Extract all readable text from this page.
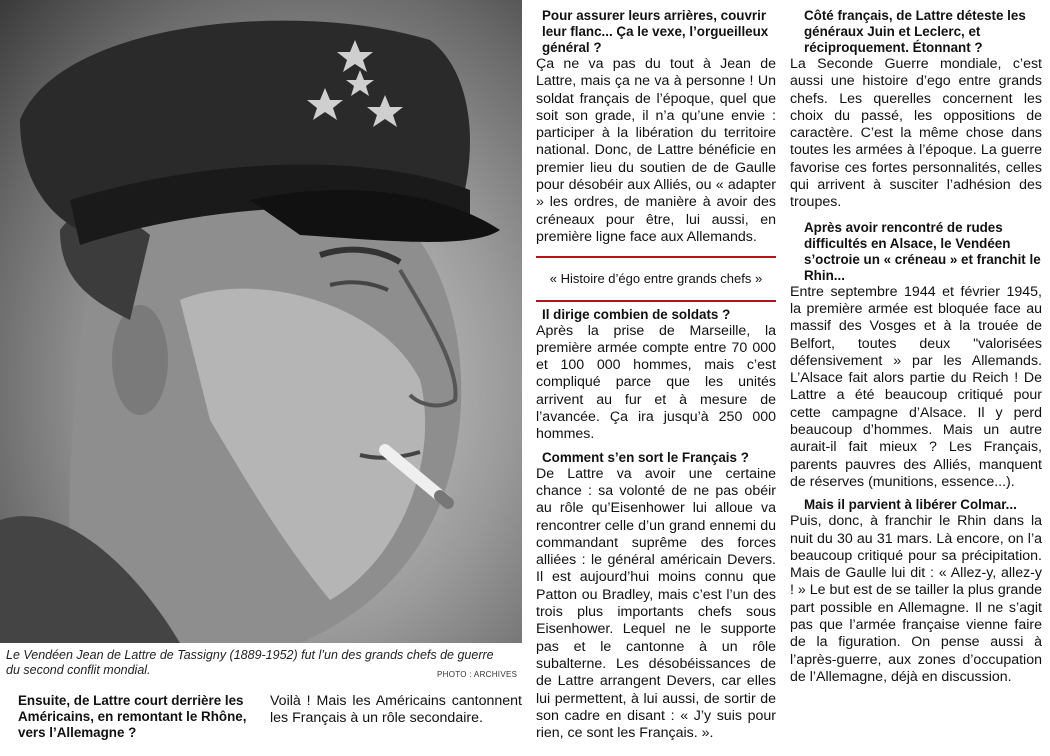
Le Vendéen Jean de Lattre de Tassigny (1889-1952) fut l’un des grands chefs de guerre du second conflit mondial.	PHOTO : ARCHIVES

Ensuite, de Lattre court derrière les Américains, en remontant le Rhône, vers l’Allemagne ?

Voilà ! Mais les Américains cantonnent les Français à un rôle secondaire.

Pour assurer leurs arrières, couvrir leur flanc... Ça le vexe, l’orgueilleux général ?

Ça ne va pas du tout à Jean de Lattre, mais ça ne va à personne ! Un soldat français de l’époque, quel que soit son grade, il n’a qu’une envie : participer à la libération du territoire national. Donc, de Lattre bénéficie en premier lieu du soutien de de Gaulle pour désobéir aux Alliés, ou « adapter » les ordres, de manière à avoir des créneaux pour être, lui aussi, en première ligne face aux Allemands.

« Histoire d’égo entre grands chefs »

Il dirige combien de soldats ?

Après la prise de Marseille, la première armée compte entre 70 000 et 100 000 hommes, mais c’est compliqué parce que les unités arrivent au fur et à mesure de l’avancée. Ça ira jusqu’à 250 000 hommes.

Comment s’en sort le Français ?

De Lattre va avoir une certaine chance : sa volonté de ne pas obéir au rôle qu’Eisenhower lui alloue va rencontrer celle d’un grand ennemi du commandant suprême des forces alliées : le général américain Devers. Il est aujourd’hui moins connu que Patton ou Bradley, mais c’est l’un des trois plus importants chefs sous Eisenhower. Lequel ne le supporte pas et le cantonne à un rôle subalterne. Les désobéissances de de Lattre arrangent Devers, car elles lui permettent, à lui aussi, de sortir de son cadre en disant : « J’y suis pour rien, ce sont les Français. ».

Côté français, de Lattre déteste les généraux Juin et Leclerc, et réciproquement. Étonnant ?

La Seconde Guerre mondiale, c’est aussi une histoire d’ego entre grands chefs. Les querelles concernent les choix du passé, les oppositions de caractère. C’est la même chose dans toutes les armées à l’époque. La guerre favorise ces fortes personnalités, celles qui arrivent à susciter l’adhésion des troupes.

Après avoir rencontré de rudes difficultés en Alsace, le Vendéen s’octroie un « créneau » et franchit le Rhin...

Entre septembre 1944 et février 1945, la première armée est bloquée face au massif des Vosges et à la trouée de Belfort, toutes deux "valorisées défensivement » par les Allemands. L’Alsace fait alors partie du Reich ! De Lattre a été beaucoup critiqué pour cette campagne d’Alsace. Il y perd beaucoup d’hommes. Mais un autre aurait-il fait mieux ? Les Français, parents pauvres des Alliés, manquent de réserves (munitions, essence...).

Mais il parvient à libérer Colmar...

Puis, donc, à franchir le Rhin dans la nuit du 30 au 31 mars. Là encore, on l’a beaucoup critiqué pour sa précipitation. Mais de Gaulle lui dit : « Allez-y, allez-y ! » Le but est de se tailler la plus grande part possible en Allemagne. Il ne s’agit pas que l’armée française vienne faire de la figuration. On pense aussi à l’après-guerre, aux zones d’occupation de l’Allemagne, déjà en discussion.
